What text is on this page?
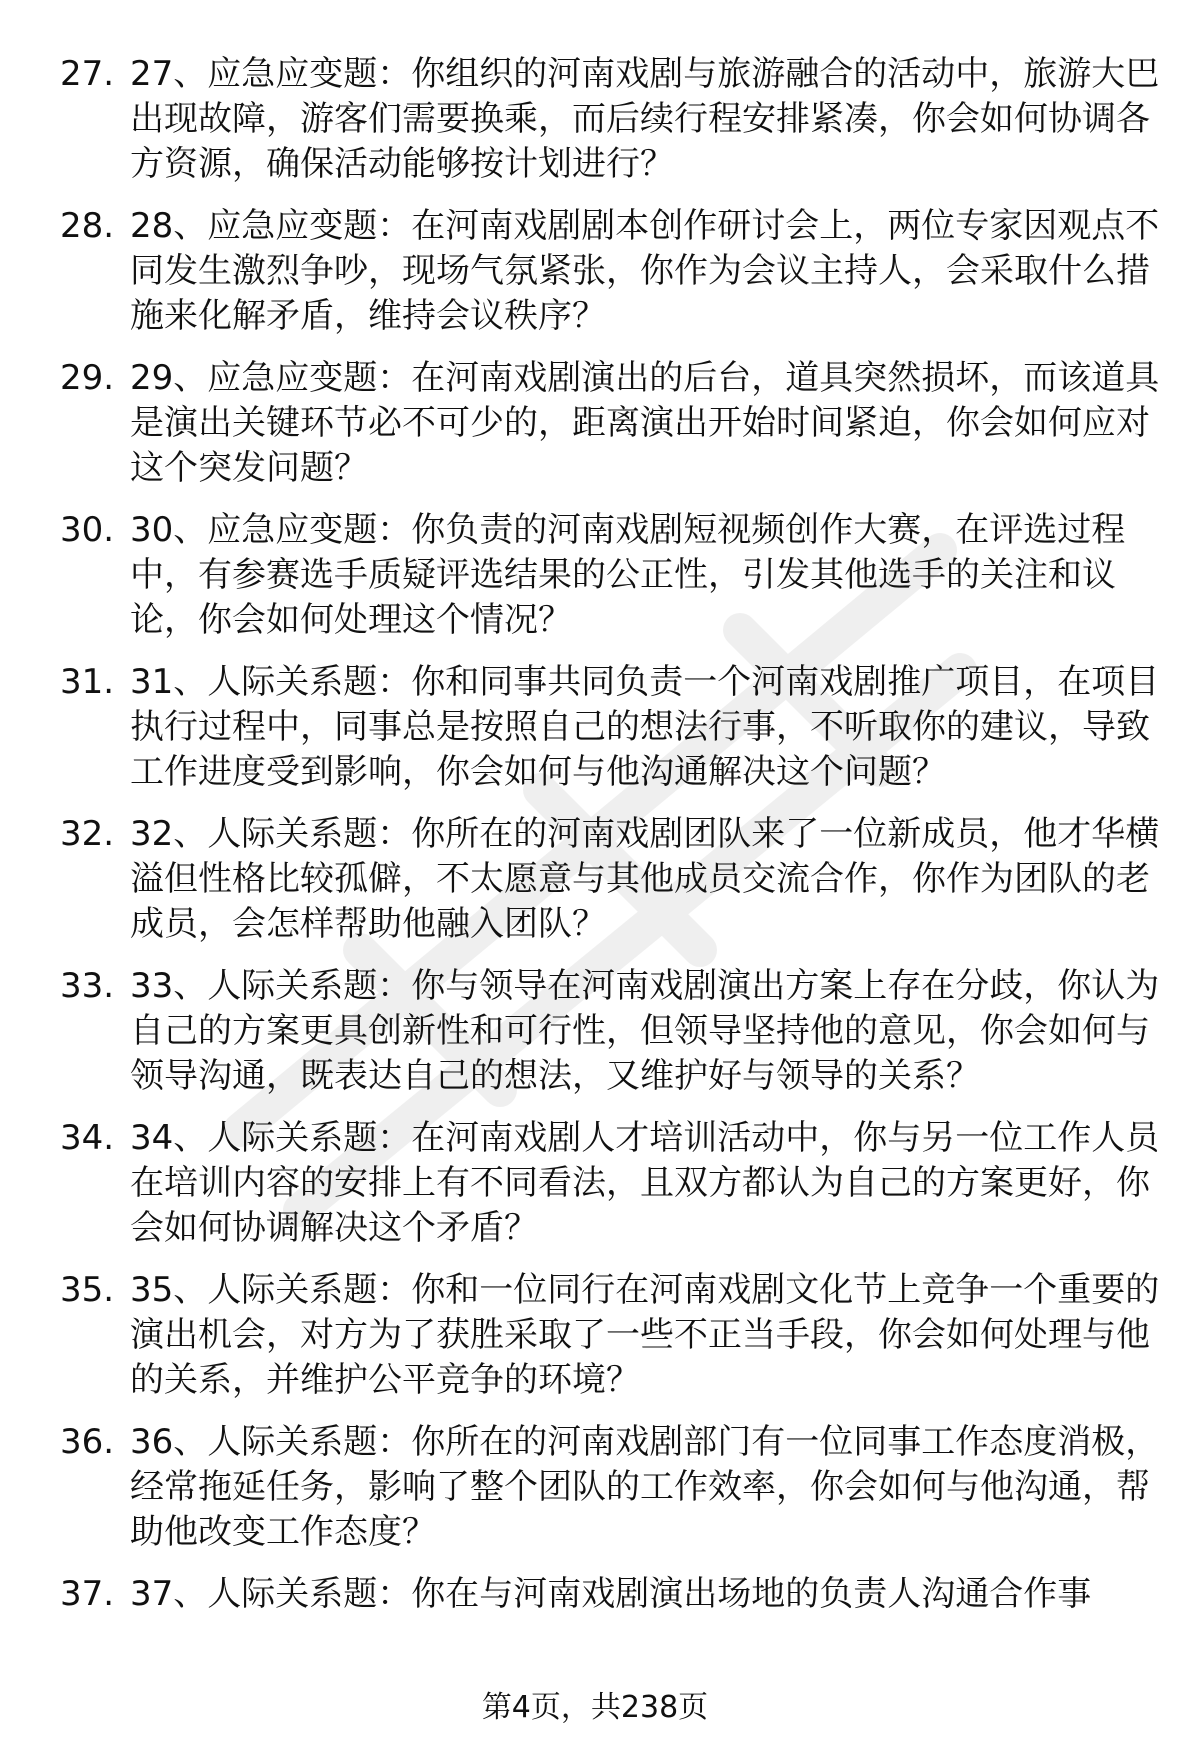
27. 27、应急应变题：你组织的河南戏剧与旅游融合的活动中，旅游大巴出现故障，游客们需要换乘，而后续行程安排紧凑，你会如何协调各方资源，确保活动能够按计划进行？
28. 28、应急应变题：在河南戏剧剧本创作研讨会上，两位专家因观点不同发生激烈争吵，现场气氛紧张，你作为会议主持人，会采取什么措施来化解矛盾，维持会议秩序？
29. 29、应急应变题：在河南戏剧演出的后台，道具突然损坏，而该道具是演出关键环节必不可少的，距离演出开始时间紧迫，你会如何应对这个突发问题？
30. 30、应急应变题：你负责的河南戏剧短视频创作大赛，在评选过程中，有参赛选手质疑评选结果的公正性，引发其他选手的关注和议论，你会如何处理这个情况？
31. 31、人际关系题：你和同事共同负责一个河南戏剧推广项目，在项目执行过程中，同事总是按照自己的想法行事，不听取你的建议，导致工作进度受到影响，你会如何与他沟通解决这个问题？
32. 32、人际关系题：你所在的河南戏剧团队来了一位新成员，他才华横溢但性格比较孤僻，不太愿意与其他成员交流合作，你作为团队的老成员，会怎样帮助他融入团队？
33. 33、人际关系题：你与领导在河南戏剧演出方案上存在分歧，你认为自己的方案更具创新性和可行性，但领导坚持他的意见，你会如何与领导沟通，既表达自己的想法，又维护好与领导的关系？
34. 34、人际关系题：在河南戏剧人才培训活动中，你与另一位工作人员在培训内容的安排上有不同看法，且双方都认为自己的方案更好，你会如何协调解决这个矛盾？
35. 35、人际关系题：你和一位同行在河南戏剧文化节上竞争一个重要的演出机会，对方为了获胜采取了一些不正当手段，你会如何处理与他的关系，并维护公平竞争的环境？
36. 36、人际关系题：你所在的河南戏剧部门有一位同事工作态度消极，经常拖延任务，影响了整个团队的工作效率，你会如何与他沟通，帮助他改变工作态度？
37. 37、人际关系题：你在与河南戏剧演出场地的负责人沟通合作事
第4页，共238页
